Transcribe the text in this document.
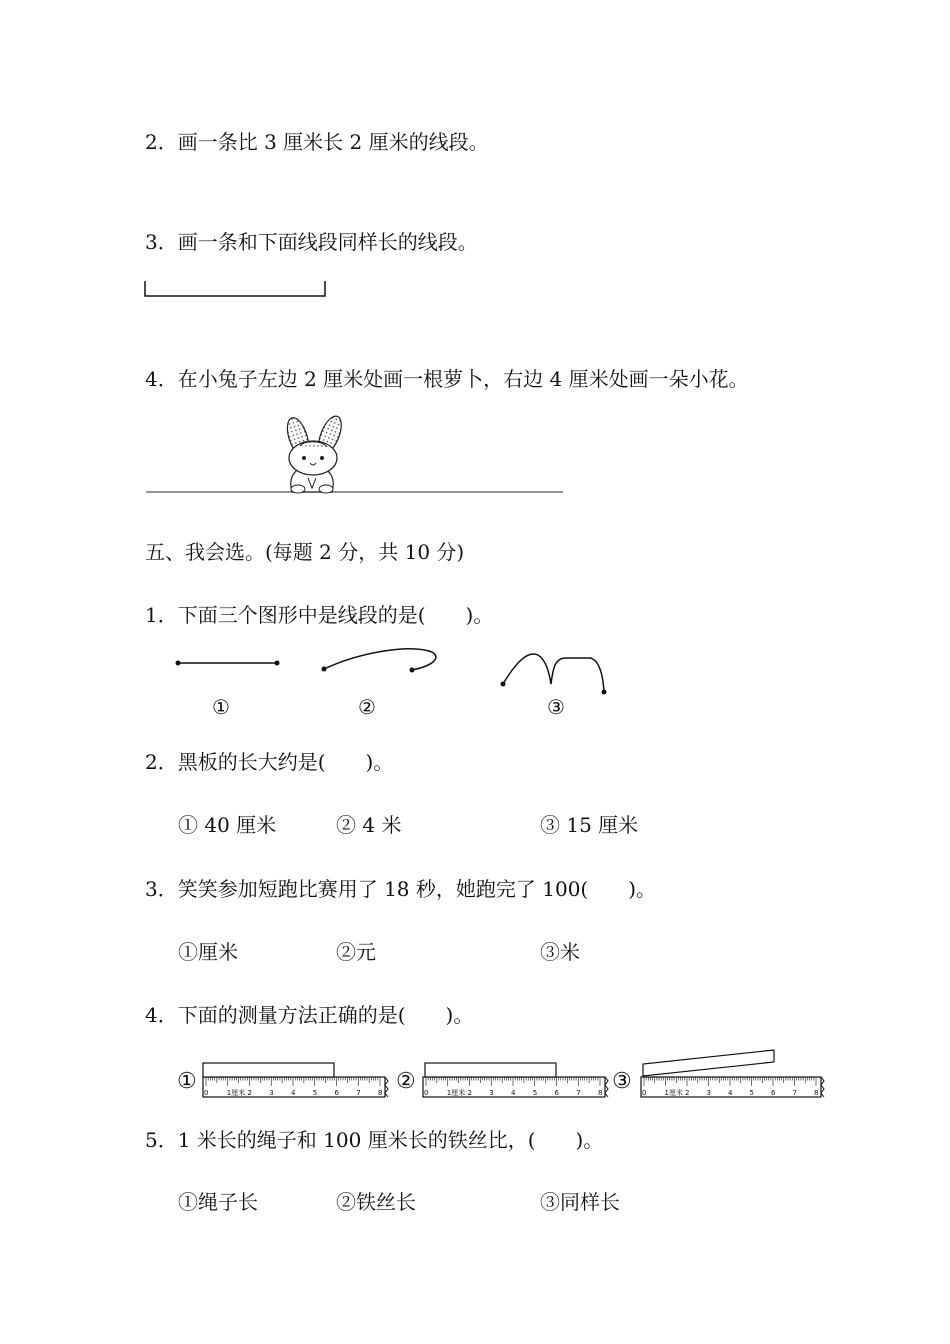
2．画一条比 3 厘米长 2 厘米的线段。
3．画一条和下面线段同样长的线段。
4．在小兔子左边 2 厘米处画一根萝卜，右边 4 厘米处画一朵小花。
五、我会选。(每题 2 分，共 10 分)
1．下面三个图形中是线段的是(　　)。
①	②	③
2．黑板的长大约是(　　)。
① 40 厘米	② 4 米	③ 15 厘米
3．笑笑参加短跑比赛用了 18 秒，她跑完了 100(　　)。
①厘米	②元	③米
4．下面的测量方法正确的是(　　)。
①	②	③
0	1厘米 2 3 4 5 6 7 8	0	1厘米 2 3 4 5 6 7 8	0	1厘米 2 3 4 5 6 7 8
5．1 米长的绳子和 100 厘米长的铁丝比，(　　)。
①绳子长	②铁丝长	③同样长
